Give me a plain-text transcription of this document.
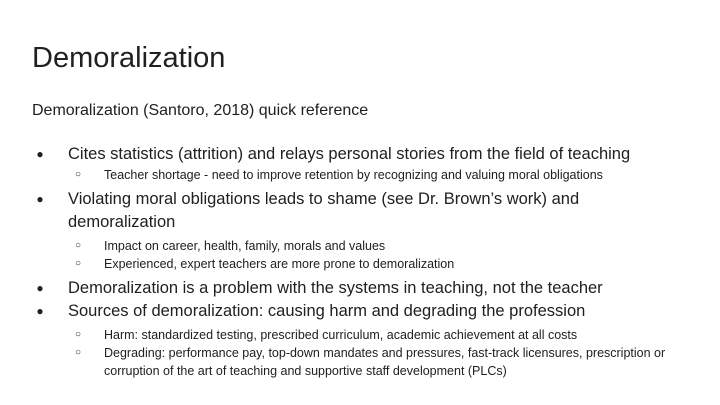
Demoralization
Demoralization (Santoro, 2018) quick reference
● Cites statistics (attrition) and relays personal stories from the field of teaching
○ Teacher shortage - need to improve retention by recognizing and valuing moral obligations
● Violating moral obligations leads to shame (see Dr. Brown’s work) and demoralization
○ Impact on career, health, family, morals and values
○ Experienced, expert teachers are more prone to demoralization
● Demoralization is a problem with the systems in teaching, not the teacher
● Sources of demoralization: causing harm and degrading the profession
○ Harm: standardized testing, prescribed curriculum, academic achievement at all costs
○ Degrading: performance pay, top-down mandates and pressures, fast-track licensures, prescription or corruption of the art of teaching and supportive staff development (PLCs)
